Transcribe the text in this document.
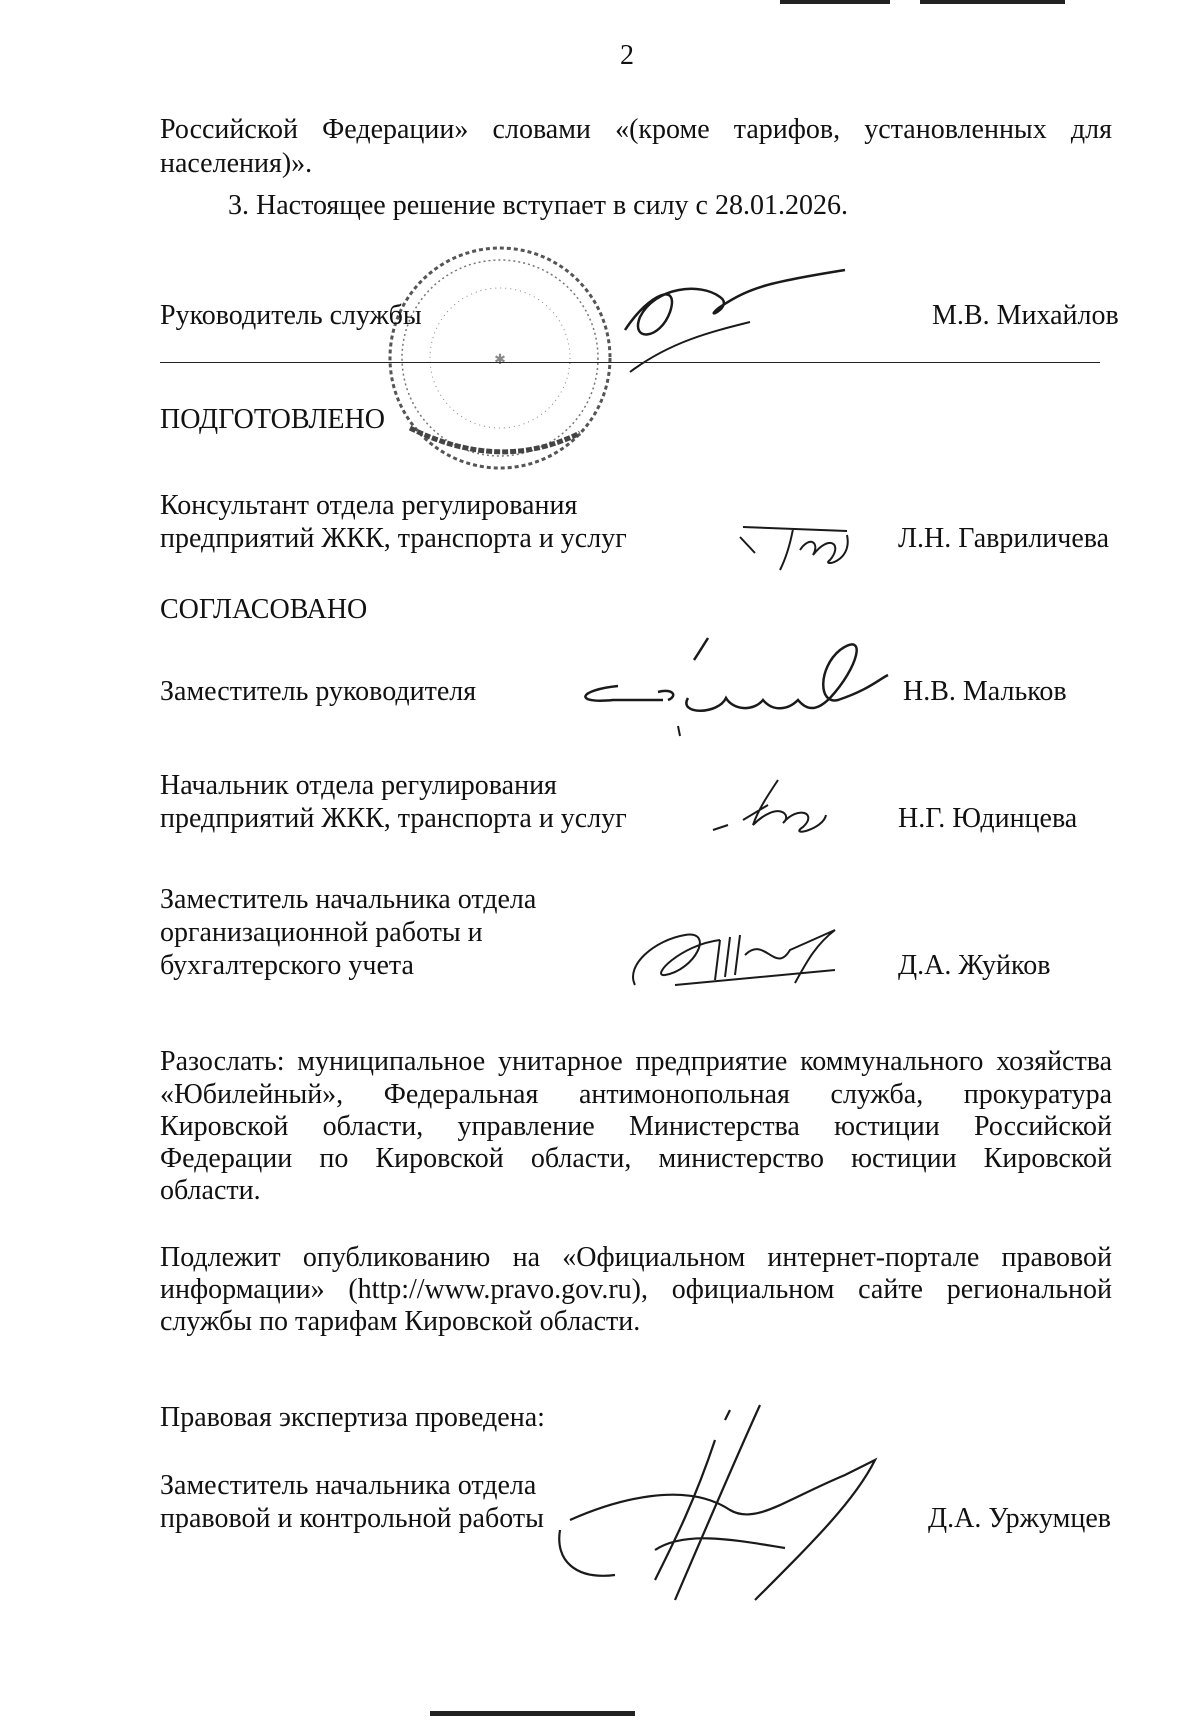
2
Российской Федерации» словами «(кроме тарифов, установленных для
населения)».
3. Настоящее решение вступает в силу с 28.01.2026.
✱
Руководитель службы	М.В. Михайлов
ПОДГОТОВЛЕНО
Консультант отдела регулирования
предприятий ЖКК, транспорта и услуг	Л.Н. Гавриличева
СОГЛАСОВАНО
Заместитель руководителя	Н.В. Мальков
Начальник отдела регулирования
предприятий ЖКК, транспорта и услуг	Н.Г. Юдинцева
Заместитель начальника отдела
организационной работы и
бухгалтерского учета	Д.А. Жуйков
Разослать: муниципальное унитарное предприятие коммунального хозяйства
«Юбилейный», Федеральная антимонопольная служба, прокуратура
Кировской области, управление Министерства юстиции Российской
Федерации по Кировской области, министерство юстиции Кировской
области.
Подлежит опубликованию на «Официальном интернет-портале правовой
информации» (http://www.pravo.gov.ru), официальном сайте региональной
службы по тарифам Кировской области.
Правовая экспертиза проведена:
Заместитель начальника отдела
правовой и контрольной работы	Д.А. Уржумцев
